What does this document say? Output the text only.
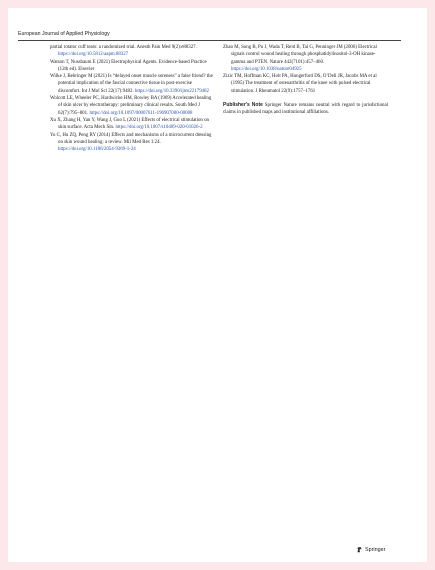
European Journal of Applied Physiology

partial rotator cuff tears: a randomized trial. Anesth Pain Med 9(2):e88327. https://doi.org/10.5812/aapm.88327

Watson T, Nussbaum E (2021) Electrophysical Agents. Evidence-based Practice (12th ed). Elsevier

Wilke J, Behringer M (2021) Is “delayed onset muscle soreness” a false friend? the potential implication of the fascial connective tissue in post-exercise discomfort. Int J Mol Sci 22(17):9482. https://doi.org/10.3390/ijms22179482

Wolcott LE, Wheeler PC, Hardwicke HM, Rowley BA (1969) Accelerated healing of skin ulcer by electrotherapy: preliminary clinical results. South Med J 62(7):795–801. https://doi.org/10.1097/00007611-196907000-00008

Xu X, Zhang H, Yan Y, Wang J, Guo L (2021) Effects of electrical stimulation on skin surface. Acta Mech Sin. https://doi.org/10.1007/s10409-020-01026-2

Yu C, Hu ZQ, Peng RY (2014) Effects and mechanisms of a microcurrent dressing on skin wound healing: a review. Mil Med Res 1:24. https://doi.org/10.1186/2054-9369-1-24

Zhao M, Song B, Pu J, Wada T, Reid B, Tai G, Penninger JM (2006) Electrical signals control wound healing through phosphatidylinositol-3-OH kinase-gamma and PTEN. Nature 442(7101):457–460. https://doi.org/10.1038/nature04925

Zizic TM, Hoffman KC, Holt PA, Hungerford DS, O’Dell JR, Jacobs MA et al (1995) The treatment of osteoarthritis of the knee with pulsed electrical stimulation. J Rheumatol 22(9):1757–1761

Publisher's Note Springer Nature remains neutral with regard to jurisdictional claims in published maps and institutional affiliations.

Springer
